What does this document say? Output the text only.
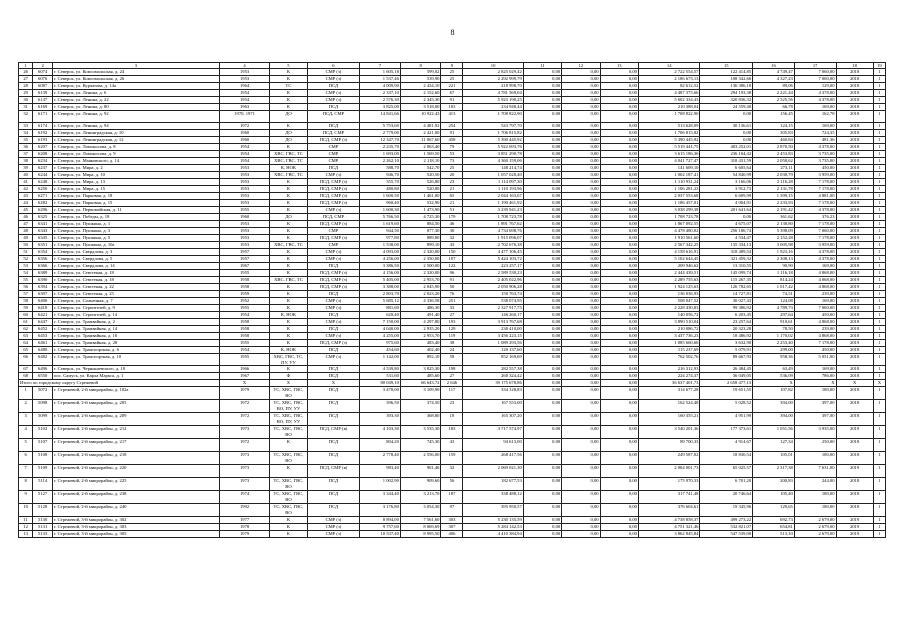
8
1	2	3	4	5	6	7	8	9	10	11	12	13	14	15	16	17	18	19
26	6074	г. Северск, ул. Комсомольская, д. 24	1953	К	СМР (з)	1 605,18	599,02	25	2 825 029,42	0,00	0,00	0,00	2 722 554,57	122 414,85	4 749,47	7 060,00	2018	1
27	6076	г. Северск, ул. Комсомольская, д. 26	1953	К	СМР (з)	1 537,46	539,90	25	2 292 999,79	0,00	0,00	0,00	2 186 673,13	108 342,66	4 327,23	7 060,00	2018	1
28	6087	г. Северск, ул. Курчатова, д. 14а	1964	ТС	ПСД	4 009,90	2 434,10	221	218 998,70	0,00	0,00	0,00	82 612,52	136 386,18	89,06	129,00	2018	1
29	6139	г. Северск, ул. Ленина, д. 6	1954	К	СМР (з)	2 337,10	2 152,60	67	4 781 569,04	0,00	0,00	0,00	4 487 375,66	294 193,38	2 221,44	4 378,00	2018	1
30	6147	г. Северск, ул. Ленина, д. 22	1954	К	СМР (з)	2 576,30	2 345,30	91	5 923 190,25	0,00	0,00	0,00	5 602 334,43	320 836,32	2 525,56	4 378,00	2018	1
31	6169	г. Северск, ул. Ленина, д. 80	1963	К	ПСД	3 825,00	3 518,00	183	234 948,44	0,00	0,00	0,00	210 388,04	24 559,40	66,78	169,00	2018	1
32	6171	г. Северск, ул. Ленина, д. 92	1970, 1971	ДО	ПСД, СМР	14 841,66	10 922,43	413	1 708 822,90	0,00	0,00	0,00	1 708 822,90	0,00	156,45	162,78	2018	1
33	6174	г. Северск, ул. Ленина, д. 94	1972	К	ПСД	5 753,60	4 481,92	254	543 797,70	0,00	0,00	0,00	513 628,09	30 136,61	124,15	169,00	2018	1
34	6192	г. Северск, ул. Ленинградская, д. 10	1960	ДО	ПСД, СМР	2 779,00	2 421,00	91	1 706 815,82	0,00	0,00	0,00	1 706 815,82	0,00	305,83	724,35	2018	1
35	6193	г. Северск, ул. Ленинградская, д. 12	1960	ДО	ПСД, СМР (з)	12 347,70	11 067,60	458	5 390 445,92	0,00	0,00	0,00	5 390 445,92	0,00	460,84	481,36	2018	1
36	6207	г. Северск, ул. Ломоносова, д. 8	1954	К	СМР	2 235,70	2 063,40	79	5 922 693,76	0,00	0,00	0,00	5 519 441,75	403 252,01	2 870,50	4 378,00	2018	1
37	6208	г. Северск, ул. Ломоносова, д. 9	1954	ХВС, ГВС, ТС	СМР	1 693,00	1 569,50	53	3 851 290,78	0,00	0,00	0,00	3 615 186,36	236 104,42	2 453,83	3 735,00	2018	1
38	6234	г. Северск, ул. Маяковского, д. 14	1954	ХВС, ГВС, ТС	СМР	2 262,10	2 118,10	73	4 360 159,06	0,00	0,00	0,00	4 041 727,47	318 431,59	2 058,62	3 735,00	2018	1
39	6237	г. Северск, ул. Мира, д. 2	1953	К, НОК	ПСД	588,70	542,70	25	148 214,74	0,00	0,00	0,00	141 609,10	6 605,64	273,11	450,00	2018	1
40	6244	г. Северск, ул. Мира, д. 10	1953	ХВС, ГВС, ТС	СМР (з)	946,70	520,50	20	1 057 028,40	0,00	0,00	0,00	1 002 187,41	54 840,99	2 030,79	3 959,00	2018	1
41	6248	г. Северск, ул. Мира, д. 13	1953	К	ПСД, СМР (з)	355,70	526,80	23	1 114 097,30	0,00	0,00	0,00	1 110 931,24	3 166,06	2 116,28	7 178,00	2019	1
42	6250	г. Северск, ул. Мира, д. 15	1953	К	ПСД, СМР (з)	480,80	520,80	21	1 110 193,96	0,00	0,00	0,00	1 106 281,23	3 912,73	2 131,78	7 178,00	2019	1
43	6271	г. Северск, ул. Парковая, д. 18	1953	К	ПСД, СМР (з)	1 600,50	1 461,00	65	2 044 163,67	0,00	0,00	0,00	2 037 553,68	6 609,99	1 399,15	4 881,00	2019	1
44	6282	г. Северск, ул. Парковая, д. 15	1953	К	ПСД, СМР (з)	960,40	532,90	21	1 190 461,92	0,00	0,00	0,00	1 186 457,01	4 004,91	2 233,93	7 178,00	2019	1
45	6296	г. Северск, ул. Первомайская, д. 11	1955	К	СМР (з)	1 600,30	1 473,90	51	3 239 941,23	0,00	0,00	0,00	3 038 299,38	201 641,64	2 191,42	4 378,00	2018	1
46	6325	г. Северск, ул. Победы, д. 18	1960	ДО	ПСД, СМР	5 766,50	4 725,30	179	1 708 723,78	0,00	0,00	0,00	1 708 723,78	0,00	361,62	376,23	2018	1
47	6341	г. Северск, ул. Пушкина, д. 1	1953	К	ПСД, СМР (з)	1 619,60	884,50	46	1 891 767,62	0,00	0,00	0,00	1 867 092,55	4 675,07	2 138,80	7 178,00	2019	1
48	6343	г. Северск, ул. Пушкина, д. 3	1953	К	СМР	944,50	877,30	30	4 734 698,76	0,00	0,00	0,00	4 478 480,02	256 186,74	5 398,09	7 060,00	2018	1
49	6345	г. Северск, ул. Пушкина, д. 5	1953	К	ПСД, СМР (з)	977,80	889,80	32	1 915 096,07	0,00	0,00	0,00	1 910 561,60	4 534,47	2 152,28	7 178,00	2019	1
50	6351	г. Северск, ул. Пушкина, д. 10а	1953	ХВС, ГВС, ТС	СМР	1 538,00	899,10	43	2 702 676,38	0,00	0,00	0,00	2 567 342,25	135 334,13	3 005,98	3 959,00	2018	1
51	6354	г. Северск, ул. Свердлова, д. 3	1957	К	СМР (з)	4 093,00	2 320,00	150	4 477 106,45	0,00	0,00	0,00	4 158 616,91	318 489,54	1 923,16	4 378,00	2018	1
52	6356	г. Северск, ул. Свердлова, д. 5	1957	К	СМР (з)	4 256,00	2 350,00	107	5 424 103,72	0,00	0,00	0,00	5 102 644,45	321 459,32	2 308,13	4 378,00	2018	1
53	6366	г. Северск, ул. Свердлова, д. 14	1967	К	ПСД	3 386,50	2 500,00	122	223 257,17	0,00	0,00	0,00	209 946,62	13 310,55	90,90	169,00	2018	1
54	6389	г. Северск, ул. Севстекая, д. 18	1955	К	ПСД, СМР (з)	4 156,00	2 320,00	96	2 589 539,23	0,00	0,00	0,00	2 444 439,51	145 099,74	1 116,18	4 868,00	2019	1
55	6390	г. Северск, ул. Севстекая, д. 18	1958	ХВС, ГВС, ТС	ПСД, СМР (з)	5 405,00	2 953,70	91	2 405 022,96	0,00	0,00	0,00	2 289 755,63	115 267,35	814,24	4 068,00	2019	1
56	6394	г. Северск, ул. Севстекая, д. 22	1958	К	ПСД, СМР (з)	3 388,00	2 045,90	50	2 050 906,28	0,00	0,00	0,00	1 924 125,63	126 782,65	1 017,42	4 868,00	2019	1
57	6397	г. Северск, ул. Севстекая, д. 25	1959	К	ПСД	2 803,70	2 023,20	76	150 763,74	0,00	0,00	0,00	136 036,93	14 727,81	74,51	239,00	2018	1
58	6406	г. Северск, ул. Солнечная, д. 7	1952	К	СМР (з)	5 685,12	4 336,58	251	538 074,95	0,00	0,00	0,00	508 047,52	30 027,43	124,08	169,00	2018	1
59	6418	г. Северск, ул. Строителей, д. 9	1955	К	СМР (з)	881,60	486,30	33	2 327 917,75	0,00	0,00	0,00	2 228 430,83	99 386,92	4 789,73	7 060,00	2018	1
60	6421	г. Северск, ул. Строителей, д. 14	1954	К, НОК	ПСД	620,40	491,40	27	146 260,17	0,00	0,00	0,00	140 056,72	6 203,45	297,64	450,00	2018	1
61	6447	г. Северск, ул. Трамвайная, д. 2	1958	К	СМР (з)	7 150,00	4 297,80	193	3 913 767,68	0,00	0,00	0,00	3 890 510,04	23 257,64	910,61	4 868,00	2018	1
62	6452	г. Северск, ул. Трамвайная, д. 14	1958	К	ПСД	4 040,00	2 935,20	129	230 410,00	0,00	0,00	0,00	210 086,72	20 323,28	78,50	239,00	2018	1
63	6453	г. Северск, ул. Трамвайная, д. 16	1958	К	СМР (з)	4 255,00	2 953,70	119	3 456 223,15	0,00	0,00	0,00	3 437 736,23	18 486,92	1 170,02	4 868,00	2018	1
64	6461	г. Северск, ул. Трамвайная, д. 28	1955	К	ПСД, СМР (з)	975,60	483,40	38	1 089 293,56	0,00	0,00	0,00	1 085 660,66	3 632,90	2 253,40	7 178,00	2019	1
65	6480	г. Северск, ул. Транспортная, д. 6	1954	К, НОК	ПСД	454,60	402,40	24	120 137,60	0,00	0,00	0,00	115 237,69	5 079,91	299,00	450,00	2018	1
66	6482	г. Северск, ул. Транспортная, д. 10	1955	ХВС, ГВС, ТС, ПУ, УУ	СМР (з)	1 142,00	892,10	58	852 169,69	0,00	0,00	0,00	762 502,76	89 667,93	958,36	5 051,00	2018	1
67	6496	г. Северск, ул. Чернышевского, д. 18	1966	К	ПСД	4 539,80	3 825,30	198	282 557,38	0,00	0,00	0,00	216 312,93	26 484,45	63,49	169,00	2018	1
68	6550	пос. Самусь, ул. Карла Маркса, д. 1	1967	Ф	ПСД	531,60	485,60	27	260 324,42	0,00	0,00	0,00	224 274,37	36 049,05	536,09	786,00	2018	1
Итого по городскому округу Стрежевой			Х	Х	Х	80 049,10	66 643,72	2 646	39 175 678,86	0,00	0,00	0,00	36 637 401,73	2 658 477,13	Х	Х	Х	Х
1	5072	г. Стрежевой, 2-й микрорайон, д. 102а	1979	ТС, ХВС, ГВС, ВО	ПСД	3 478,00	3 109,90	117	334 128,83	0,00	0,00	0,00	314 677,28	19 651,55	107,82	180,00	2018	1
2	5098	г. Стрежевой, 2-й микрорайон, д. 205	1972	ТС, ХВС, ГВС, ВО, ПУ, УУ	ПСД	396,50	374,50	23	167 553,00	0,00	0,00	0,00	162 524,48	5 028,52	394,00	397,00	2018	1
3	5099	г. Стрежевой, 2-й микрорайон, д. 209	1972	ТС, ХВС, ГВС, ВО, ПУ, УУ	ПСД	393,30	368,80	18	165 307,20	0,00	0,00	0,00	160 355,21	4 951,99	394,00	397,00	2018	1
4	5102	г. Стрежевой, 2-й микрорайон, д. 212	1973	ТС, ХВС, ГВС, ВО	ПСД, СМР (в)	4 103,30	3 535,30	183	3 717 574,97	0,00	0,00	0,00	3 540 201,36	177 373,61	1 051,56	3 935,00	2019	1
5	5107	г. Стрежевой, 2-й микрорайон, д. 217	1972	К	ПСД	804,20	745,30	43	94 613,00	0,00	0,00	0,00	89 700,33	4 914,67	127,34	250,00	2018	1
6	5108	г. Стрежевой, 2-й микрорайон, д. 218	1973	ТС, ХВС, ГВС, ВО	ПСД	2 778,40	2 556,00	159	268 417,56	0,00	0,00	0,00	249 587,02	18 830,54	105,01	180,00	2018	1
7	5109	г. Стрежевой, 2-й микрорайон, д. 220	1973	К	ПСД, СМР (в)	983,40	901,46	32	2 069 021,30	0,00	0,00	0,00	2 004 001,73	65 025,57	2 317,38	7 631,00	2019	1
8	5114	г. Стрежевой, 2-й микрорайон, д. 225	1973	ТС, ХВС, ГВС, ВО	ПСД	1 002,90	909,60	56	182 677,53	0,00	0,00	0,00	175 970,33	6 701,20	200,83	244,00	2018	1
9	5127	г. Стрежевой, 2-й микрорайон, д. 238	1974	ТС, ХВС, ГВС, ВО	ПСД	3 344,40	3 213,70	187	338 488,12	0,00	0,00	0,00	317 741,48	20 746,64	105,40	180,00	2018	1
10	5128	г. Стрежевой, 2-й микрорайон, д. 240	1992	ТС, ХВС, ГВС, ВО	ПСД	3 176,80	3 054,30	97	395 950,57	0,00	0,00	0,00	376 604,61	19 345,96	129,65	180,00	2018	1
11	5130	г. Стрежевой, 3-й микрорайон, д. 302	1977	К	СМР (з)	8 894,00	7 561,60	303	5 230 135,59	0,00	0,00	0,00	4 738 858,37	499 273,22	692,73	2 679,00	2019	1
12	5131	г. Стрежевой, 3-й микрорайон, д. 303	1978	К	СМР (з)	9 757,60	8 069,69	307	5 284 142,53	0,00	0,00	0,00	4 751 321,46	532 821,07	654,81	2 679,00	2019	1
13	5133	г. Стрежевой, 3-й микрорайон, д. 305	1979	К	СМР (з)	10 537,40	8 995,50	406	4 410 384,94	0,00	0,00	0,00	3 862 845,84	547 539,00	513,10	2 679,00	2019	1
